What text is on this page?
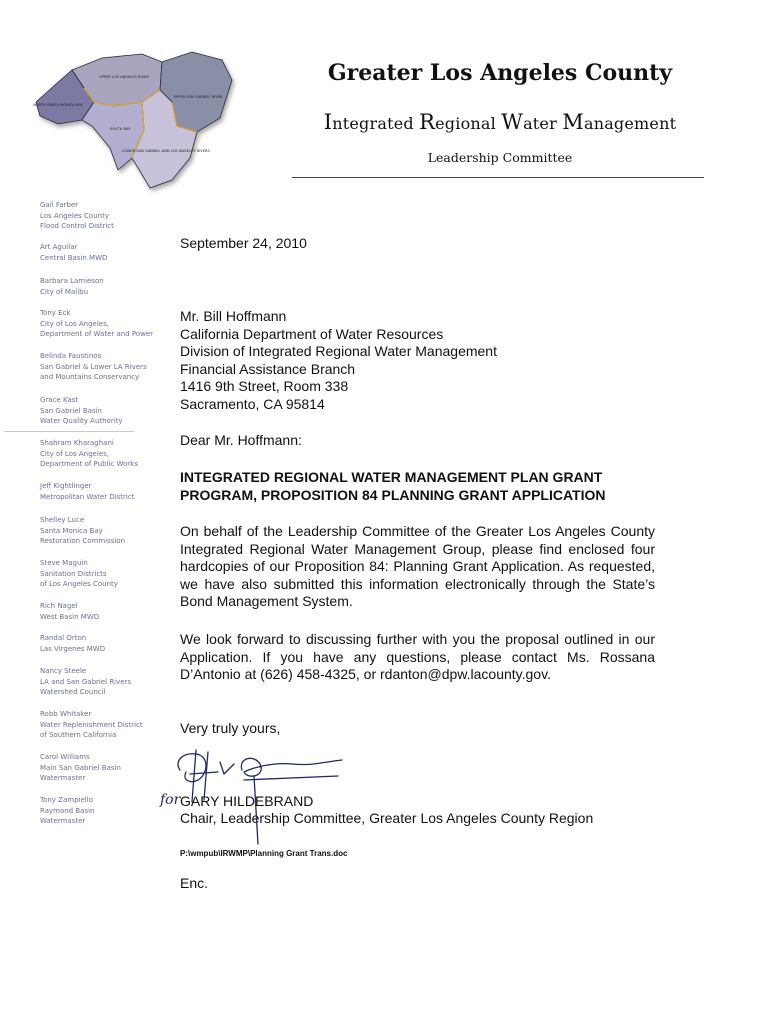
UPPER LOS ANGELES RIVER
NORTH SANTA MONICA BAY
SOUTH BAY
UPPER SAN GABRIEL RIVER
LOWER SAN GABRIEL AND LOS ANGELES RIVERS
Greater Los Angeles County
Integrated Regional Water Management
Leadership Committee
Gail Farber
Los Angeles County
Flood Control District
Art Aguilar
Central Basin MWD
Barbara Lamieson
City of Malibu
Tony Eck
City of Los Angeles,
Department of Water and Power
Belinda Faustinos
San Gabriel & Lower LA Rivers
and Mountains Conservancy
Grace Kast
San Gabriel Basin
Water Quality Authority
Shahram Kharaghani
City of Los Angeles,
Department of Public Works
Jeff Kightlinger
Metropolitan Water District
Shelley Luce
Santa Monica Bay
Restoration Commission
Steve Maguin
Sanitation Districts
of Los Angeles County
Rich Nagel
West Basin MWD
Randal Orton
Las Virgenes MWD
Nancy Steele
LA and San Gabriel Rivers
Watershed Council
Robb Whitaker
Water Replenishment District
of Southern California
Carol Williams
Main San Gabriel Basin
Watermaster
Tony Zampiello
Raymond Basin
Watermaster
September 24, 2010
Mr. Bill Hoffmann
California Department of Water Resources
Division of Integrated Regional Water Management
Financial Assistance Branch
1416 9th Street, Room 338
Sacramento, CA 95814
Dear Mr. Hoffmann:
INTEGRATED REGIONAL WATER MANAGEMENT PLAN GRANT
PROGRAM, PROPOSITION 84 PLANNING GRANT APPLICATION

On behalf of the Leadership Committee of the Greater Los Angeles County Integrated Regional Water Management Group, please find enclosed four hardcopies of our Proposition 84: Planning Grant Application. As requested, we have also submitted this information electronically through the State’s Bond Management System.

We look forward to discussing further with you the proposal outlined in our Application. If you have any questions, please contact Ms. Rossana D’Antonio at (626) 458-4325, or rdanton@dpw.lacounty.gov.

Very truly yours,
GARY HILDEBRAND
Chair, Leadership Committee, Greater Los Angeles County Region
P:\wmpub\IRWMP\Planning Grant Trans.doc
Enc.
for
